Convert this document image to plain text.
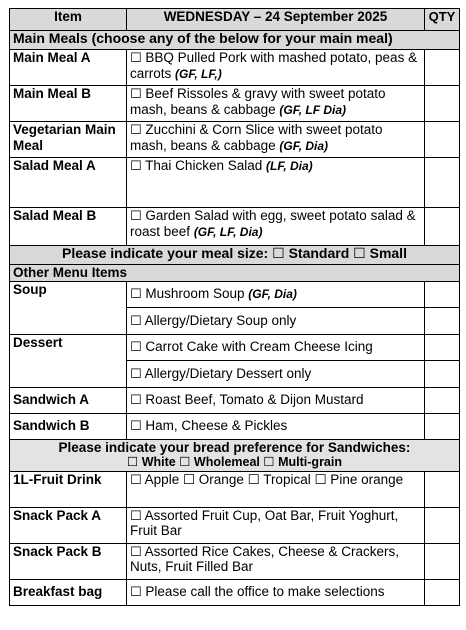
Item	WEDNESDAY – 24 September 2025	QTY
Main Meals (choose any of the below for your main meal)		
Main Meal A	☐ BBQ Pulled Pork with mashed potato, peas & carrots (GF, LF,)	
Main Meal B	☐ Beef Rissoles & gravy with sweet potato mash, beans & cabbage (GF, LF Dia)	
Vegetarian Main Meal	☐ Zucchini & Corn Slice with sweet potato mash, beans & cabbage (GF, Dia)	
Salad Meal A	☐ Thai Chicken Salad (LF, Dia)	
Salad Meal B	☐ Garden Salad with egg, sweet potato salad & roast beef (GF, LF, Dia)	
Please indicate your meal size: ☐ Standard ☐ Small		
Other Menu Items		
Soup	☐ Mushroom Soup (GF, Dia)	
	☐ Allergy/Dietary Soup only	
Dessert	☐ Carrot Cake with Cream Cheese Icing	
	☐ Allergy/Dietary Dessert only	
Sandwich A	☐ Roast Beef, Tomato & Dijon Mustard	
Sandwich B	☐ Ham, Cheese & Pickles	

Please indicate your bread preference for Sandwiches:
☐ White ☐ Wholemeal ☐ Multi-grain		

1L-Fruit Drink	☐ Apple ☐ Orange ☐ Tropical ☐ Pine orange	
Snack Pack A	☐ Assorted Fruit Cup, Oat Bar, Fruit Yoghurt, Fruit Bar	
Snack Pack B	☐ Assorted Rice Cakes, Cheese & Crackers, Nuts, Fruit Filled Bar	
Breakfast bag	☐ Please call the office to make selections	
